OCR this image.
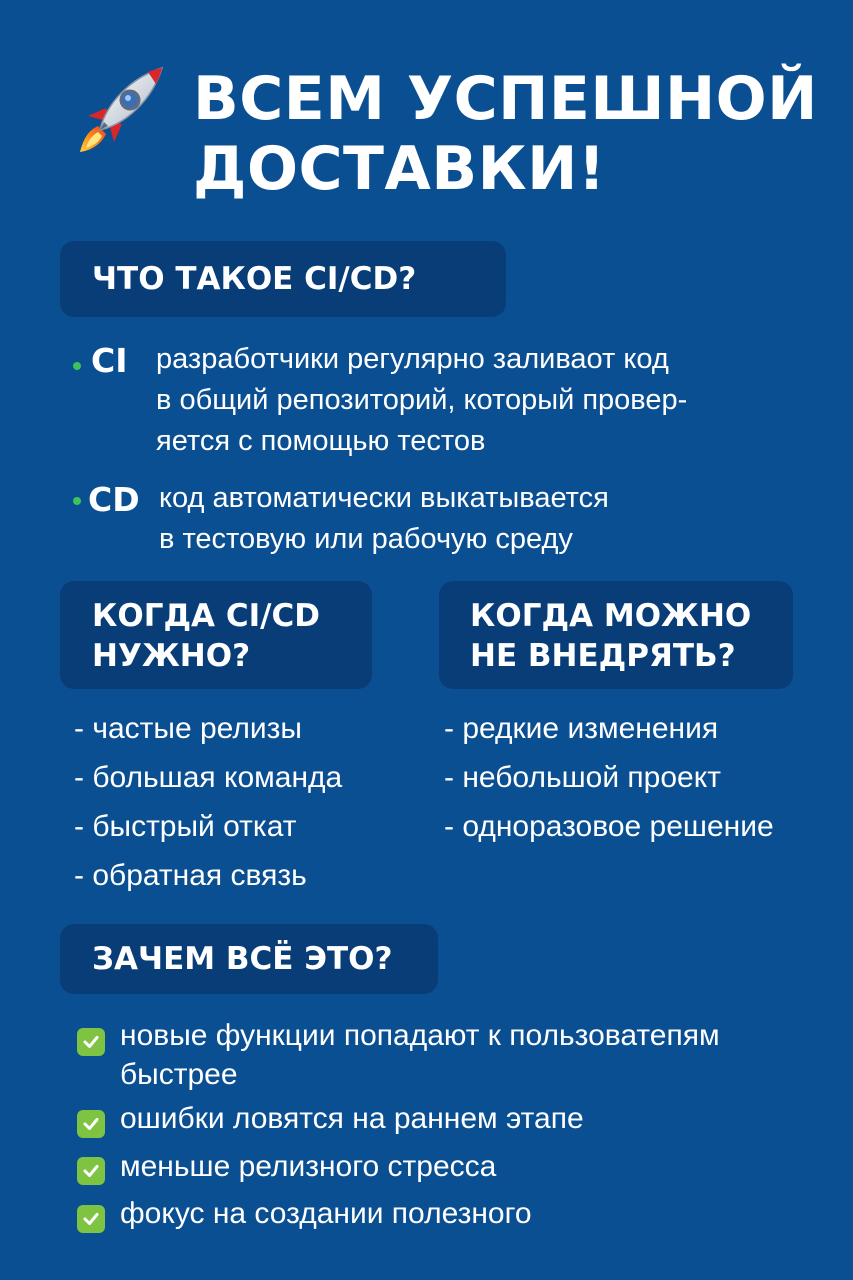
ВСЕМ УСПЕШНОЙ
ДОСТАВКИ!
ЧТО ТАКОЕ CI/CD?
CI разработчики регулярно заливаот код
в общий репозиторий, который провер-
яется с помощью тестов
CD код автоматически выкатывается
в тестовую или рабочую среду
КОГДА CI/CD
НУЖНО?
- частые релизы
- большая команда
- быстрый откат
- обратная связь
КОГДА МОЖНО
НЕ ВНЕДРЯТЬ?
- редкие изменения
- небольшой проект
- одноразовое решение
ЗАЧЕМ ВСЁ ЭТО?
новые функции попадают к пользоватепям
быстрее
ошибки ловятся на раннем этапе
меньше релизного стресса
фокус на создании полезного
